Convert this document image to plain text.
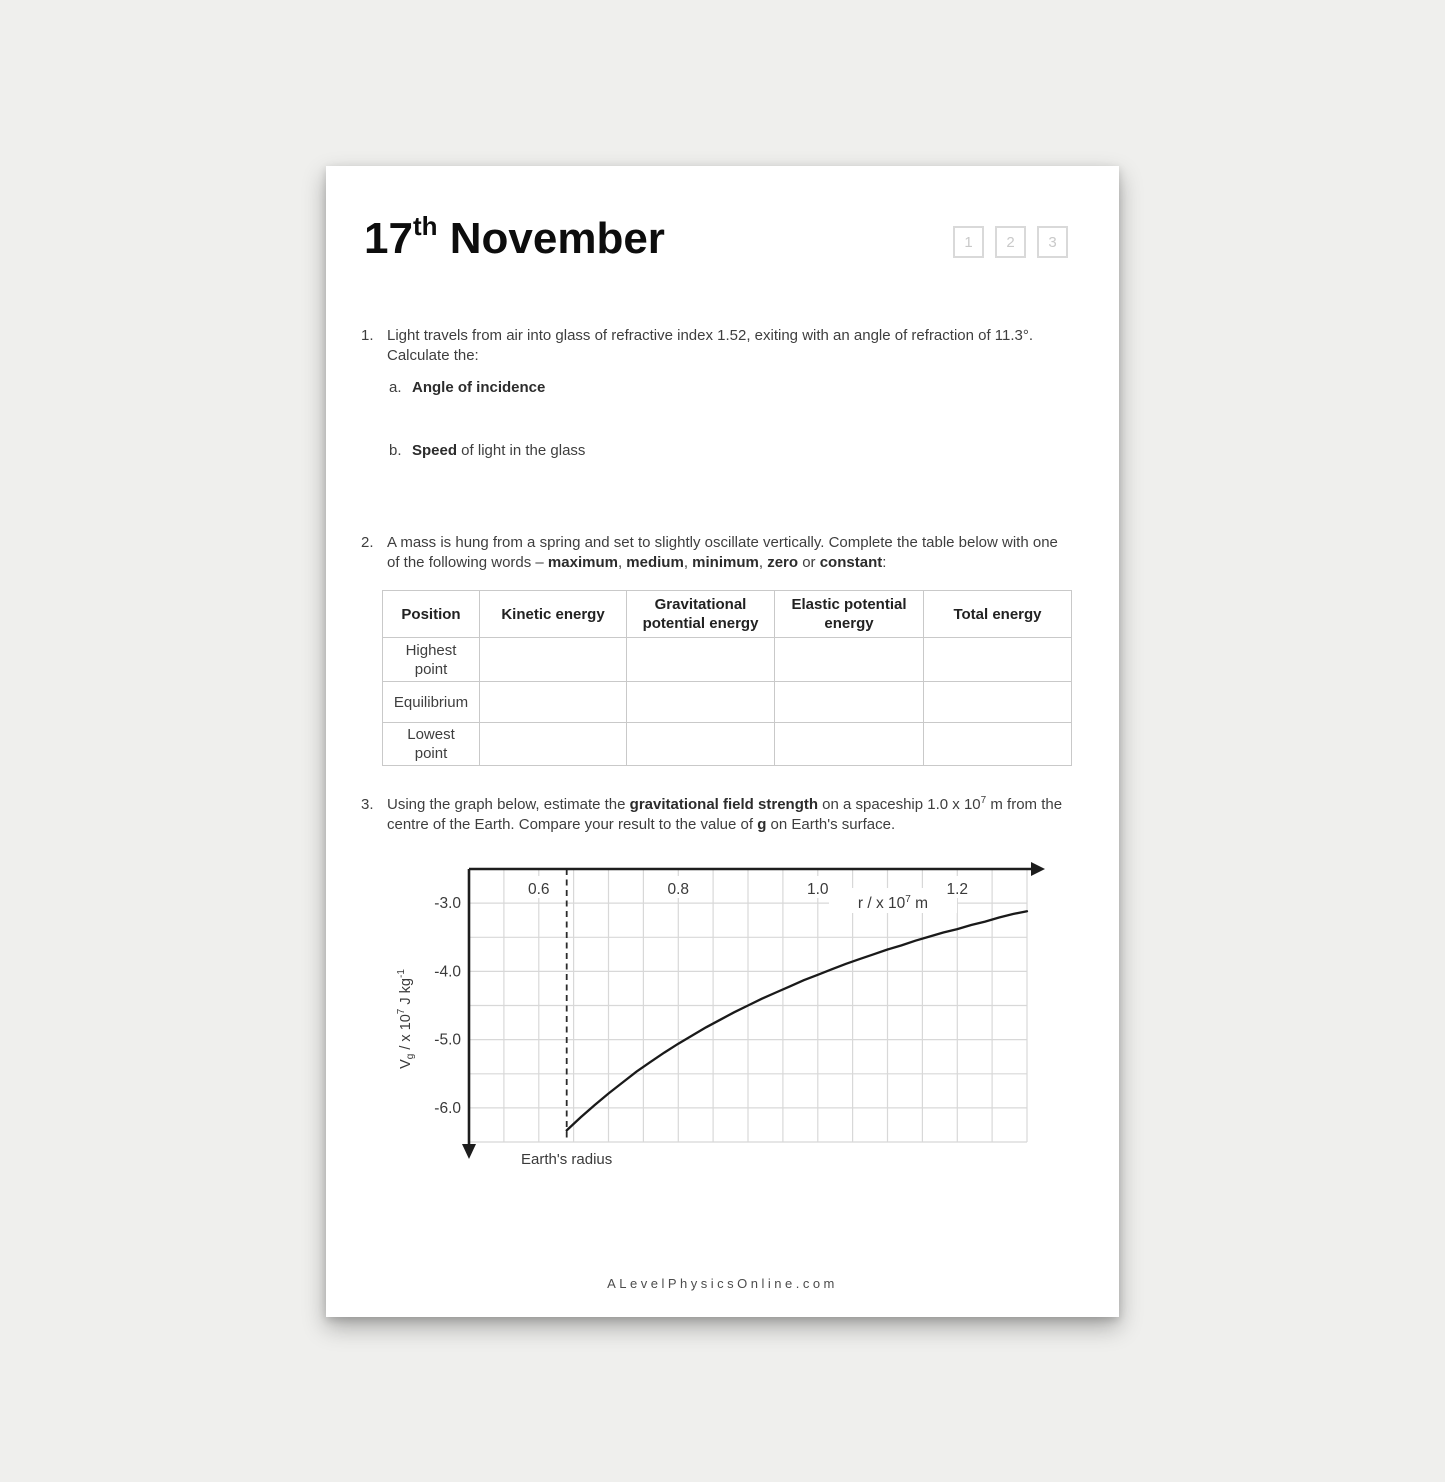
17th November	1 2 3
1. Light travels from air into glass of refractive index 1.52, exiting with an angle of refraction of 11.3°. Calculate the:
a. Angle of incidence
b. Speed of light in the glass
2. A mass is hung from a spring and set to slightly oscillate vertically. Complete the table below with one of the following words – maximum, medium, minimum, zero or constant:
Position	Kinetic energy	Gravitational potential energy	Elastic potential energy	Total energy
Highest point				
Equilibrium				
Lowest point				
3. Using the graph below, estimate the gravitational field strength on a spaceship 1.0 x $10^7$ m from the centre of the Earth. Compare your result to the value of g on Earth's surface.
0.6	0.8	1.0	1.2
-3.0
-4.0
-5.0
-6.0
r / x $10^7$ m
$V_g$ / x $10^7$ J $kg^{-1}$
Earth's radius
ALevelPhysicsOnline.com
